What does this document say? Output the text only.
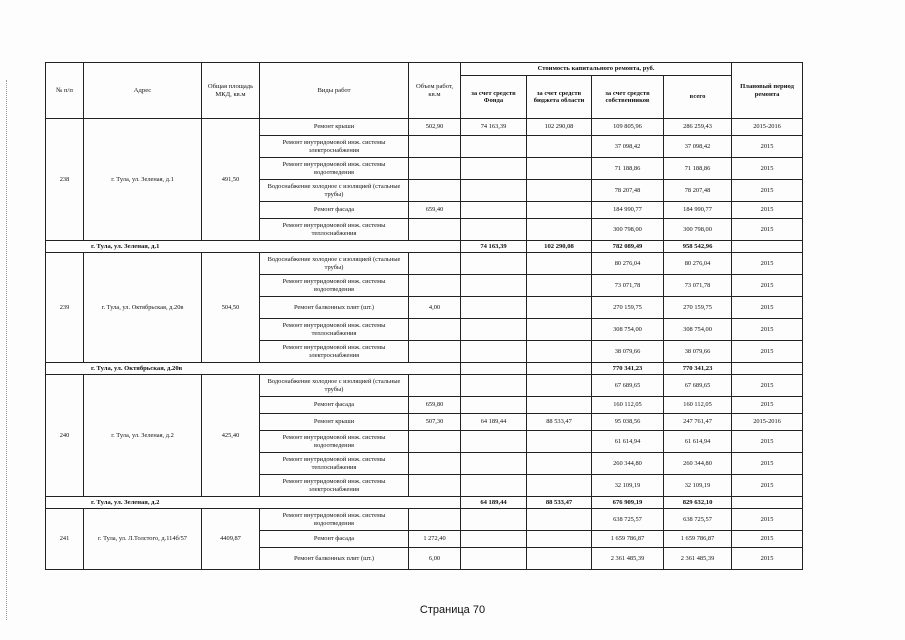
№ п/п	Адрес	Общая площадь МКД, кв.м	Виды работ	Объем работ, кв.м	Стоимость капитального ремонта, руб.				Плановый период ремонта
					за счет средств Фонда	за счет средств бюджета области	за счет средств собственников	всего	
238	г. Тула, ул. Зеленая, д.1	491,50	Ремонт крыши	502,90	74 163,39	102 290,08	109 805,96	286 259,43	2015-2016
			Ремонт внутридомовой инж. системы электроснабжения				37 098,42	37 098,42	2015
			Ремонт внутридомовой инж. системы водоотведения				71 188,86	71 188,86	2015
			Водоснабжение холодное с изоляцией (стальные трубы)				78 207,48	78 207,48	2015
			Ремонт фасада	659,40			184 990,77	184 990,77	2015
			Ремонт внутридомовой инж. системы теплоснабжения				300 798,00	300 798,00	2015
г. Тула, ул. Зеленая, д.1					74 163,39	102 290,08	782 089,49	958 542,96	
239	г. Тула, ул. Октябрьская, д.20в	504,50	Водоснабжение холодное с изоляцией (стальные трубы)				80 276,04	80 276,04	2015
			Ремонт внутридомовой инж. системы водоотведения				73 071,78	73 071,78	2015
			Ремонт балконных плит (шт.)	4,00			270 159,75	270 159,75	2015
			Ремонт внутридомовой инж. системы теплоснабжения				308 754,00	308 754,00	2015
			Ремонт внутридомовой инж. системы электроснабжения				38 079,66	38 079,66	2015
г. Тула, ул. Октябрьская, д.20в							770 341,23	770 341,23	
240	г. Тула, ул. Зеленая, д.2	425,40	Водоснабжение холодное с изоляцией (стальные трубы)				67 689,65	67 689,65	2015
			Ремонт фасада	659,80			160 112,05	160 112,05	2015
			Ремонт крыши	507,30	64 189,44	88 533,47	95 038,56	247 761,47	2015-2016
			Ремонт внутридомовой инж. системы водоотведения				61 614,94	61 614,94	2015
			Ремонт внутридомовой инж. системы теплоснабжения				260 344,80	260 344,80	2015
			Ремонт внутридомовой инж. системы электроснабжения				32 109,19	32 109,19	2015
г. Тула, ул. Зеленая, д.2					64 189,44	88 533,47	676 909,19	829 632,10	
241	г. Тула, ул. Л.Толстого, д.114б/57	4409,87	Ремонт внутридомовой инж. системы водоотведения				638 725,57	638 725,57	2015
			Ремонт фасада	1 272,40			1 659 786,87	1 659 786,87	2015
			Ремонт балконных плит (шт.)	6,00			2 361 485,39	2 361 485,39	2015
Страница 70
